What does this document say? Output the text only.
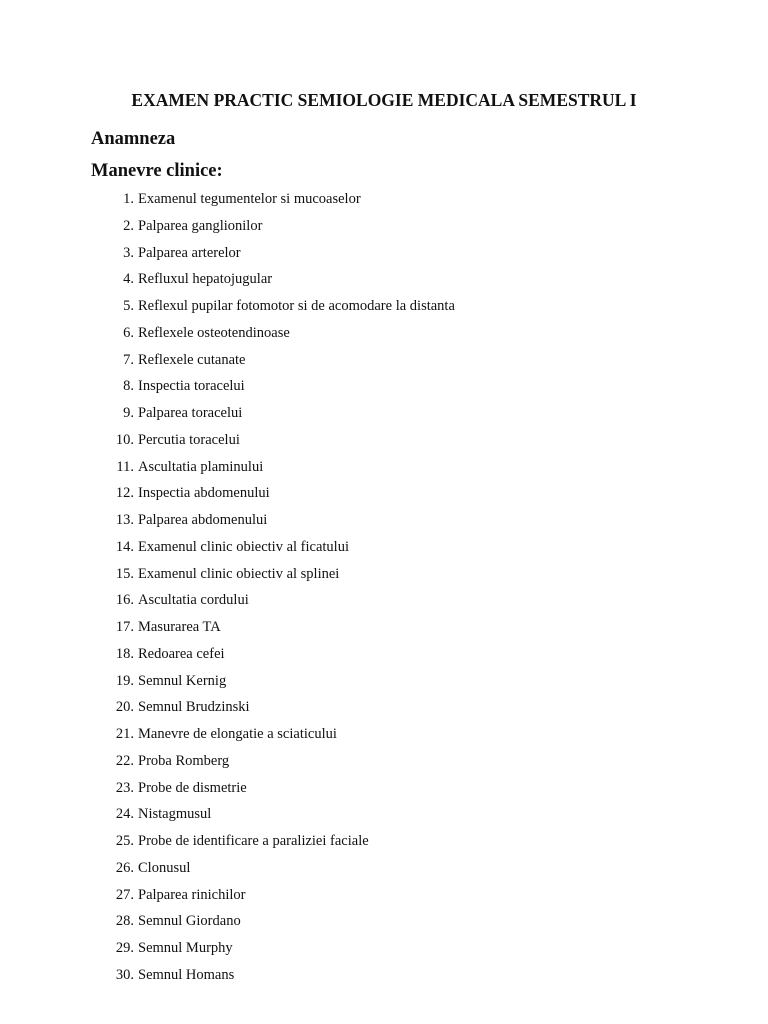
EXAMEN PRACTIC SEMIOLOGIE MEDICALA SEMESTRUL I
Anamneza
Manevre clinice:
1. Examenul tegumentelor si mucoaselor
2. Palparea ganglionilor
3. Palparea arterelor
4. Refluxul hepatojugular
5. Reflexul pupilar fotomotor si de acomodare la distanta
6. Reflexele osteotendinoase
7. Reflexele cutanate
8. Inspectia toracelui
9. Palparea toracelui
10. Percutia toracelui
11. Ascultatia plaminului
12. Inspectia abdomenului
13. Palparea abdomenului
14. Examenul clinic obiectiv al ficatului
15. Examenul clinic obiectiv al splinei
16. Ascultatia cordului
17. Masurarea TA
18. Redoarea cefei
19. Semnul Kernig
20. Semnul Brudzinski
21. Manevre de elongatie a sciaticului
22. Proba Romberg
23. Probe de dismetrie
24. Nistagmusul
25. Probe de identificare a paraliziei faciale
26. Clonusul
27. Palparea rinichilor
28. Semnul Giordano
29. Semnul Murphy
30. Semnul Homans
